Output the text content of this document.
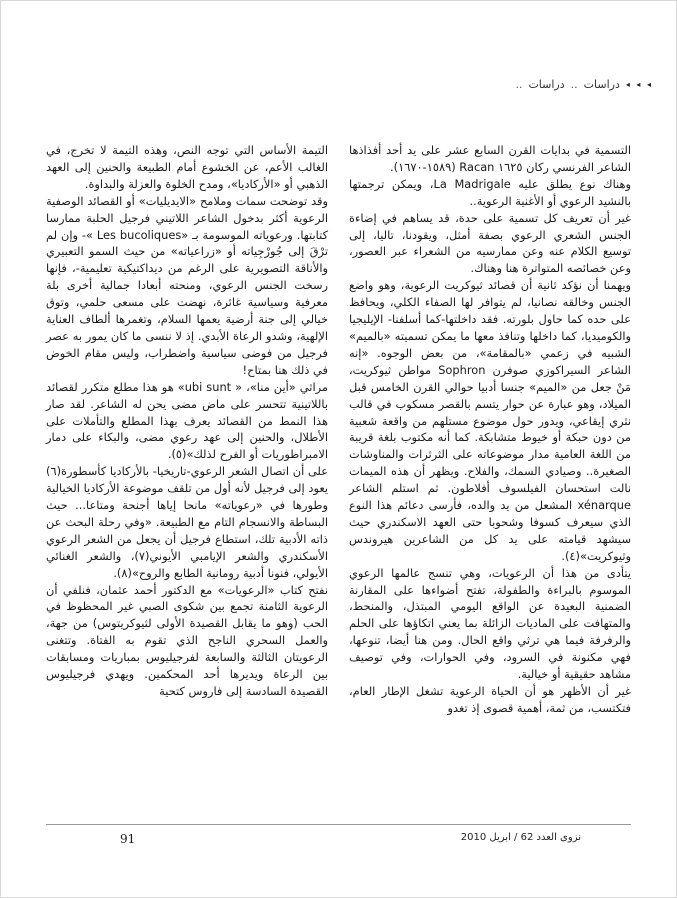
◂ ◂ ◂
دراسات
..
دراسات
..

التسمية في بدايات القرن السابع عشر على يد أحد أفذاذها الشاعر الفرنسي ركان ١٦٢٥ Racan (١٥٨٩-١٦٧٠).

وهناك نوع يطلق عليه La Madrigale، ويمكن ترجمتها بالنشيد الرعوي أو الأغنية الرعوية..

غير أن تعريف كل تسمية على حدة، قد يساهم في إضاءة الجنس الشعري الرعوي بصفة أمثل، ويقودنا، تاليا، إلى توسيع الكلام عنه وعن ممارسيه من الشعراء عبر العصور، وعن خصائصه المتواترة هنا وهناك.

ويهمنا أن نؤكد ثانية أن قصائد ثيوكريت الرعوية، وهو واضع الجنس وخالقه نصانيا، لم يتوافر لها الصفاء الكلي، ويحافظ على حده كما حاول بلورته. فقد داخلتها-كما أسلفنا- الإيليجيا والكوميديا، كما داخلها وتنافذ معها ما يمكن تسميته «بالميم» الشبيه في زعمي «بالمقامة»، من بعض الوجوه. «إنه الشاعر السيراكوزي صوفرن Sophron مواطن ثيوكريت، مَنْ جعل من «الميم» جنسا أدبيا حوالي القرن الخامس قبل الميلاد، وهو عبارة عن حوار يتسم بالقصر مسكوب في قالب نثري إيقاعي، ويدور حول موضوع مستلهم من واقعة شعبية من دون حبكة أو خيوط متشابكة. كما أنه مكتوب بلغة قريبة من اللغة العامية مدار موضوعاته على الثرثرات والمناوشات الصغيرة.. وصيادي السمك، والفلاح. ويظهر أن هذه الميمات نالت استحسان الفيلسوف أفلاطون. ثم استلم الشاعر xénarque المشعل من يد والده، فأرسى دعائم هذا النوع الذي سيعرف كسوفا وشحوبا حتى العهد الاسكندري حيث سيشهد قيامته على يد كل من الشاعرين هيروندس وثيوكريت»(٤).

يتأدى من هذا أن الرعويات، وهي تنسج عالمها الرعوي الموسوم بالبراءة والطفولة، تفتح أضواءها على المقارنة الضمنية البعيدة عن الواقع اليومي المبتذل، والمنحط، والمتهافت على الماديات الزائلة بما يعني اتكاؤها على الحلم والرفرفة فيما هي ترثي واقع الحال. ومن هنا أيضا، تنوعها، فهي مكنونة في السرود، وفي الحوارات، وفي توصيف مشاهد حقيقية أو خيالية.

غير أن الأظهر هو أن الحياة الرعوية تشغل الإطار العام، فتكتسب، من ثمة، أهمية قصوى إذ تغدو

التيمة الأساس التي توجه النص، وهذه التيمة لا تخرج، في الغالب الأعم، عن الخشوع أمام الطبيعة والحنين إلى العهد الذهبي أو «الأركاديا»، ومدح الخلوة والعزلة والبداوة.

وقد توضحت سمات وملامح «الايديليات» أو القصائد الوصفية الرعوية أكثر بدخول الشاعر اللاتيني فرجيل الحلبة ممارسا كتابتها. ورعوياته الموسومة بـ «Les bucoliques »- وإن لم ترْقَ إلى جُورْجِياته أو «زراعياته» من حيث السمو التعبيري والأناقة التصويرية على الرغم من ديداكتيكية تعليمية-، فإنها رسخت الجنس الرعوي، ومنحته أبعادا جمالية أخرى بلة معرفية وسياسية غائرة، نهضت على مسعى حلمي، وتوق خيالي إلى جنة أرضية يعمها السلام، وتغمرها ألطاف العناية الإلهية، وشدو الرعاة الأبدي. إذ لا ننسى ما كان يمور به عصر فرجيل من فوضى سياسية واضطراب، وليس مقام الخوض في ذلك هنا بمتاح!

مراثي «أين منا»، « ubi sunt» هو هذا مطلع متكرر لقصائد باللاتينية تتحسر على ماض مضى يحن له الشاعر. لقد صار هذا النمط من القصائد يعرف بهذا المطلع والتأملات على الأطلال، والحنين إلى عهد رعوي مضى، والبكاء على دمار الامبراطوريات أو الفرح لذلك»(٥).

على أن اتصال الشعر الرعوي-تاريخيا- بالأركاديا كأسطورة(٦) يعود إلى فرجيل لأنه أول من تلقف موضوعة الأركاديا الخيالية وطورها في «رعوياته» مانحا إياها أجنحة ومتاعا... حيث البساطة والانسجام التام مع الطبيعة. «وفي رحلة البحث عن ذاته الأدبية تلك، استطاع فرجيل أن يجعل من الشعر الرعوي الأسكندري والشعر الإيامبي الأيوني(٧)، والشعر الغنائي الأيولي، فنونا أدبية رومانية الطابع والروح»(٨).

نفتح كتاب «الرعويات» مع الدكتور أحمد عثمان، فنلفي أن الرعوية الثامنة تجمع بين شكوى الصبي غير المحظوظ في الحب (وهو ما يقابل القصيدة الأولى لثيوكريتوس) من جهة، والعمل السحري الناجح الذي تقوم به الفتاة. وتتغنى الرعويتان الثالثة والسابعة لفرجيليوس بمباريات ومسابقات بين الرعاة ويديرها أحد المحكمين. ويهدي فرجيليوس القصيدة السادسة إلى فاروس كتحية

91	نزوى العدد 62 / ابريل 2010
